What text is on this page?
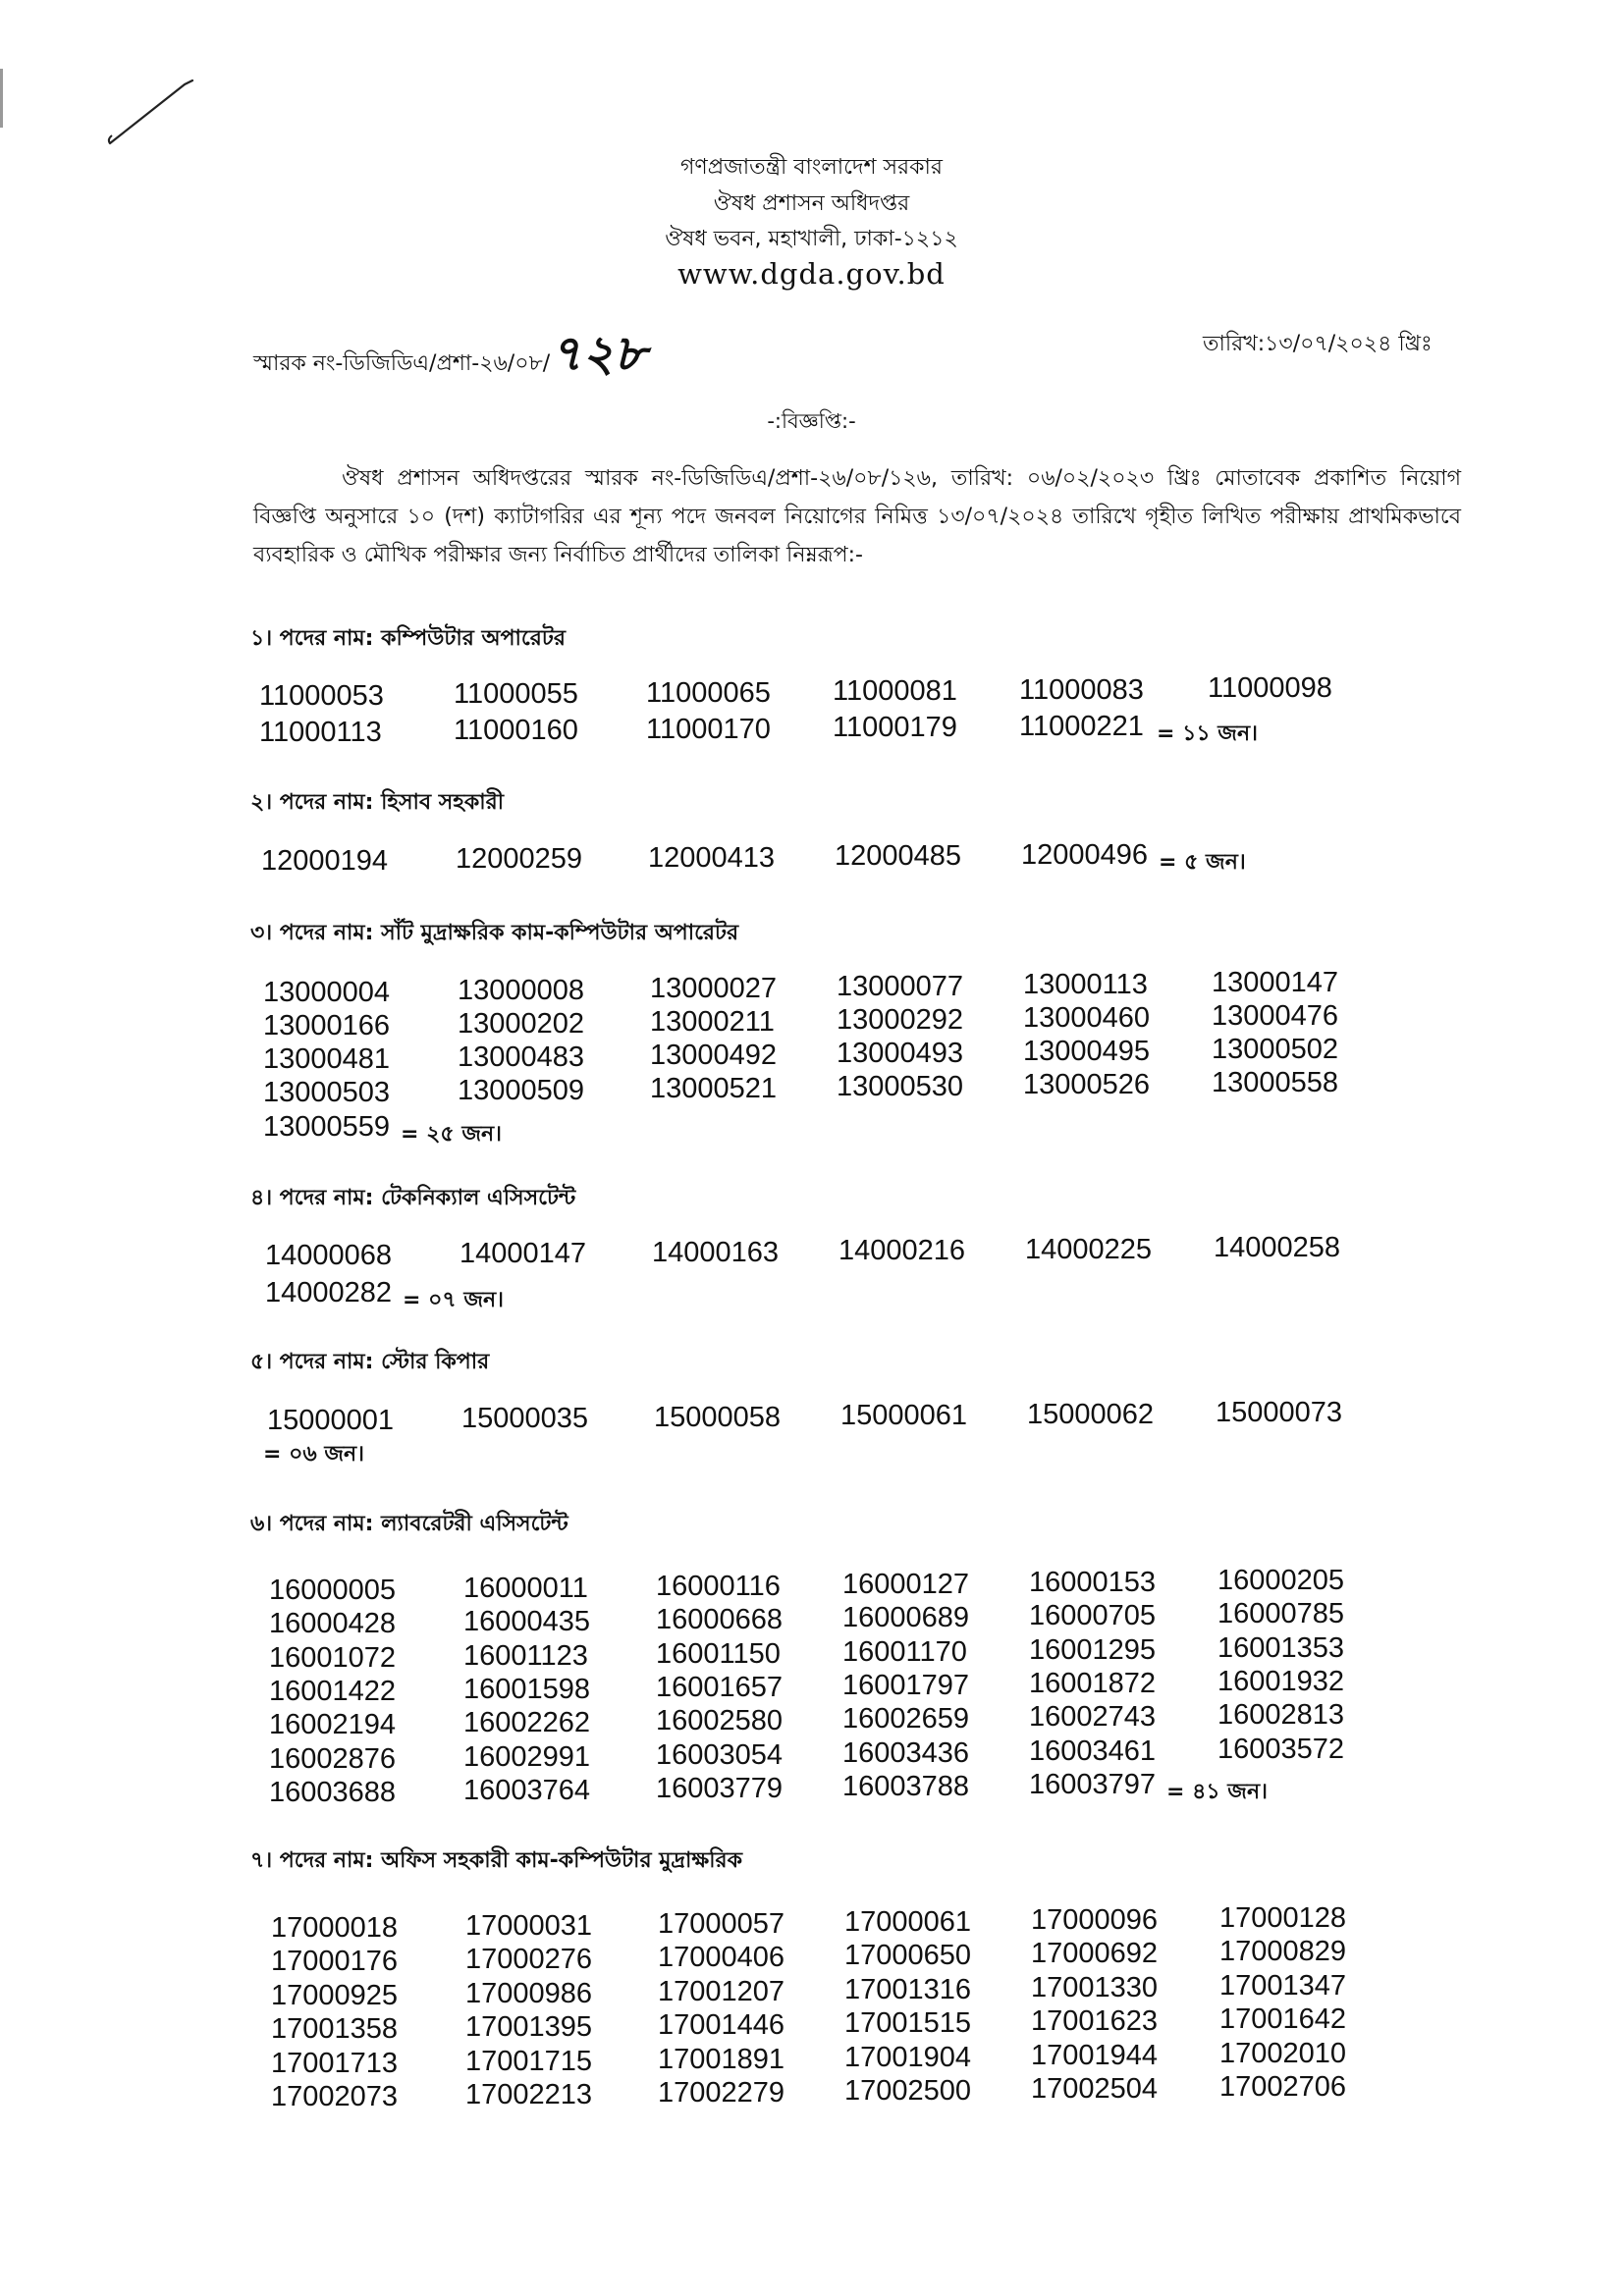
গণপ্রজাতন্ত্রী বাংলাদেশ সরকার
ঔষধ প্রশাসন অধিদপ্তর
ঔষধ ভবন, মহাখালী, ঢাকা-১২১২
www.dgda.gov.bd
স্মারক নং-ডিজিডিএ/প্রশা-২৬/০৮/৭২৮	তারিখ:১৩/০৭/২০২৪ খ্রিঃ
-:বিজ্ঞপ্তি:-

ঔষধ প্রশাসন অধিদপ্তরের স্মারক নং-ডিজিডিএ/প্রশা-২৬/০৮/১২৬, তারিখ: ০৬/০২/২০২৩ খ্রিঃ মোতাবেক প্রকাশিত নিয়োগ বিজ্ঞপ্তি অনুসারে ১০ (দশ) ক্যাটাগরির এর শূন্য পদে জনবল নিয়োগের নিমিত্ত ১৩/০৭/২০২৪ তারিখে গৃহীত লিখিত পরীক্ষায় প্রাথমিকভাবে ব্যবহারিক ও মৌখিক পরীক্ষার জন্য নির্বাচিত প্রার্থীদের তালিকা নিম্নরূপ:-

১। পদের নাম: কম্পিউটার অপারেটর
11000053 11000055 11000065 11000081 11000083 11000098
11000113	11000160 11000170 11000179 11000221 = ১১ জন।
২। পদের নাম: হিসাব সহকারী
12000194 12000259 12000413 12000485 12000496 = ৫ জন।
৩। পদের নাম: সাঁট মুদ্রাক্ষরিক কাম-কম্পিউটার অপারেটর
13000004 13000008 13000027 13000077 13000113 13000147
13000166 13000202 13000211 13000292 13000460 13000476
13000481 13000483 13000492 13000493 13000495 13000502
13000503 13000509 13000521 13000530 13000526 13000558
13000559 = ২৫ জন।
৪। পদের নাম: টেকনিক্যাল এসিসটেন্ট
14000068 14000147 14000163 14000216 14000225 14000258
14000282 = ০৭ জন।
৫। পদের নাম: স্টোর কিপার
15000001 15000035 15000058 15000061 15000062 15000073
= ০৬ জন।
৬। পদের নাম: ল্যাবরেটরী এসিসটেন্ট
16000005 16000011 16000116 16000127 16000153 16000205
16000428 16000435 16000668 16000689 16000705 16000785
16001072 16001123 16001150 16001170 16001295 16001353
16001422 16001598 16001657 16001797 16001872 16001932
16002194 16002262 16002580 16002659 16002743 16002813
16002876 16002991 16003054 16003436 16003461 16003572
16003688 16003764 16003779 16003788 16003797 = ৪১ জন।
৭। পদের নাম: অফিস সহকারী কাম-কম্পিউটার মুদ্রাক্ষরিক
17000018 17000031 17000057 17000061 17000096 17000128
17000176 17000276 17000406 17000650 17000692 17000829
17000925 17000986 17001207 17001316 17001330 17001347
17001358 17001395 17001446 17001515 17001623 17001642
17001713 17001715 17001891 17001904 17001944 17002010
17002073 17002213 17002279 17002500 17002504 17002706
